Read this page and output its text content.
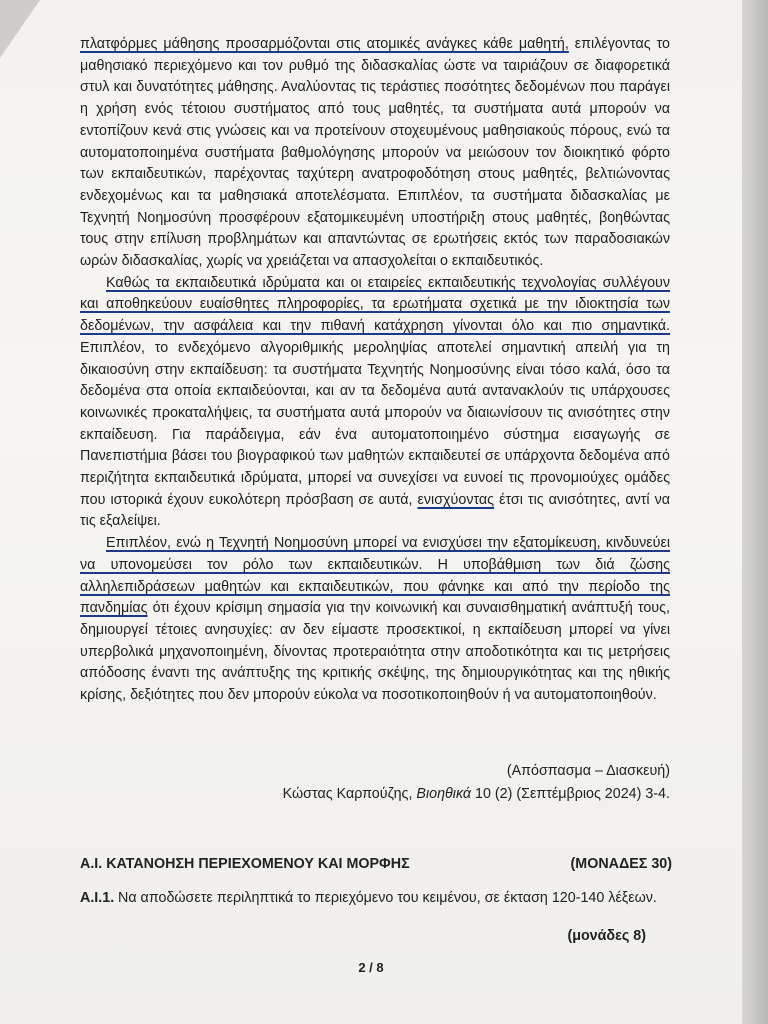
πλατφόρμες μάθησης προσαρμόζονται στις ατομικές ανάγκες κάθε μαθητή, επιλέγοντας το μαθησιακό περιεχόμενο και τον ρυθμό της διδασκαλίας ώστε να ταιριάζουν σε διαφορετικά στυλ και δυνατότητες μάθησης. Αναλύοντας τις τεράστιες ποσότητες δεδομένων που παράγει η χρήση ενός τέτοιου συστήματος από τους μαθητές, τα συστήματα αυτά μπορούν να εντοπίζουν κενά στις γνώσεις και να προτείνουν στοχευμένους μαθησιακούς πόρους, ενώ τα αυτοματοποιημένα συστήματα βαθμολόγησης μπορούν να μειώσουν τον διοικητικό φόρτο των εκπαιδευτικών, παρέχοντας ταχύτερη ανατροφοδότηση στους μαθητές, βελτιώνοντας ενδεχομένως και τα μαθησιακά αποτελέσματα. Επιπλέον, τα συστήματα διδασκαλίας με Τεχνητή Νοημοσύνη προσφέρουν εξατομικευμένη υποστήριξη στους μαθητές, βοηθώντας τους στην επίλυση προβλημάτων και απαντώντας σε ερωτήσεις εκτός των παραδοσιακών ωρών διδασκαλίας, χωρίς να χρειάζεται να απασχολείται ο εκπαιδευτικός.

Καθώς τα εκπαιδευτικά ιδρύματα και οι εταιρείες εκπαιδευτικής τεχνολογίας συλλέγουν και αποθηκεύουν ευαίσθητες πληροφορίες, τα ερωτήματα σχετικά με την ιδιοκτησία των δεδομένων, την ασφάλεια και την πιθανή κατάχρηση γίνονται όλο και πιο σημαντικά. Επιπλέον, το ενδεχόμενο αλγοριθμικής μεροληψίας αποτελεί σημαντική απειλή για τη δικαιοσύνη στην εκπαίδευση: τα συστήματα Τεχνητής Νοημοσύνης είναι τόσο καλά, όσο τα δεδομένα στα οποία εκπαιδεύονται, και αν τα δεδομένα αυτά αντανακλούν τις υπάρχουσες κοινωνικές προκαταλήψεις, τα συστήματα αυτά μπορούν να διαιωνίσουν τις ανισότητες στην εκπαίδευση. Για παράδειγμα, εάν ένα αυτοματοποιημένο σύστημα εισαγωγής σε Πανεπιστήμια βάσει του βιογραφικού των μαθητών εκπαιδευτεί σε υπάρχοντα δεδομένα από περιζήτητα εκπαιδευτικά ιδρύματα, μπορεί να συνεχίσει να ευνοεί τις προνομιούχες ομάδες που ιστορικά έχουν ευκολότερη πρόσβαση σε αυτά, ενισχύοντας έτσι τις ανισότητες, αντί να τις εξαλείψει.

Επιπλέον, ενώ η Τεχνητή Νοημοσύνη μπορεί να ενισχύσει την εξατομίκευση, κινδυνεύει να υπονομεύσει τον ρόλο των εκπαιδευτικών. Η υποβάθμιση των διά ζώσης αλληλεπιδράσεων μαθητών και εκπαιδευτικών, που φάνηκε και από την περίοδο της πανδημίας ότι έχουν κρίσιμη σημασία για την κοινωνική και συναισθηματική ανάπτυξή τους, δημιουργεί τέτοιες ανησυχίες: αν δεν είμαστε προσεκτικοί, η εκπαίδευση μπορεί να γίνει υπερβολικά μηχανοποιημένη, δίνοντας προτεραιότητα στην αποδοτικότητα και τις μετρήσεις απόδοσης έναντι της ανάπτυξης της κριτικής σκέψης, της δημιουργικότητας και της ηθικής κρίσης, δεξιότητες που δεν μπορούν εύκολα να ποσοτικοποιηθούν ή να αυτοματοποιηθούν.

(Απόσπασμα – Διασκευή)
Κώστας Καρπούζης, Βιοηθικά 10 (2) (Σεπτέμβριος 2024) 3-4.
Α.Ι. ΚΑΤΑΝΟΗΣΗ ΠΕΡΙΕΧΟΜΕΝΟΥ ΚΑΙ ΜΟΡΦΗΣ	(ΜΟΝΑΔΕΣ 30)
Α.Ι.1. Να αποδώσετε περιληπτικά το περιεχόμενο του κειμένου, σε έκταση 120-140 λέξεων.
(μονάδες 8)
2 / 8
